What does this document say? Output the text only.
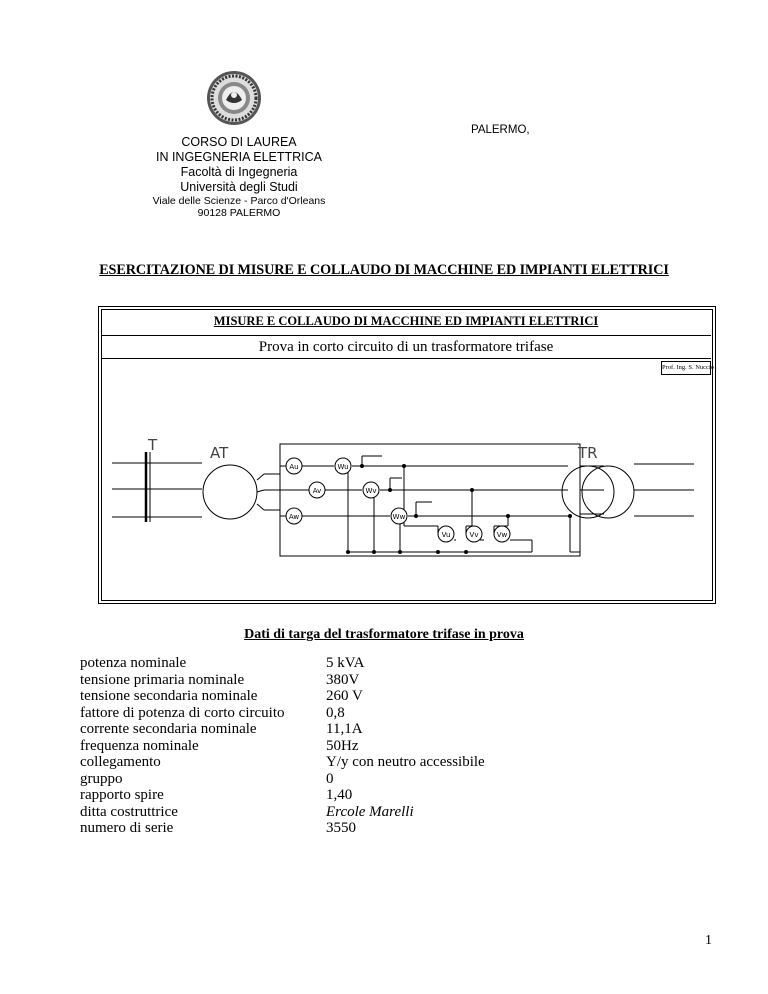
PALERMO,
CORSO DI LAUREA
IN INGEGNERIA ELETTRICA
Facoltà di Ingegneria
Università degli Studi
Viale delle Scienze - Parco d'Orleans
90128 PALERMO
ESERCITAZIONE DI MISURE E COLLAUDO DI MACCHINE ED IMPIANTI ELETTRICI
MISURE E COLLAUDO DI MACCHINE ED IMPIANTI ELETTRICI
Prova in corto circuito di un trasformatore trifase
Prof. Ing. S. Nuccio
T	AT	TR
Au
Av
Aw
Wu
Wv
Ww
Vu	Vv	Vw
Dati di targa del trasformatore trifase in prova
potenza nominale	5 kVA
tensione primaria nominale	380V
tensione secondaria nominale	260 V
fattore di potenza di corto circuito	0,8
corrente secondaria nominale	11,1A
frequenza nominale	50Hz
collegamento	Y/y con neutro accessibile
gruppo	0
rapporto spire	1,40
ditta costruttrice	Ercole Marelli
numero di serie	3550
1
